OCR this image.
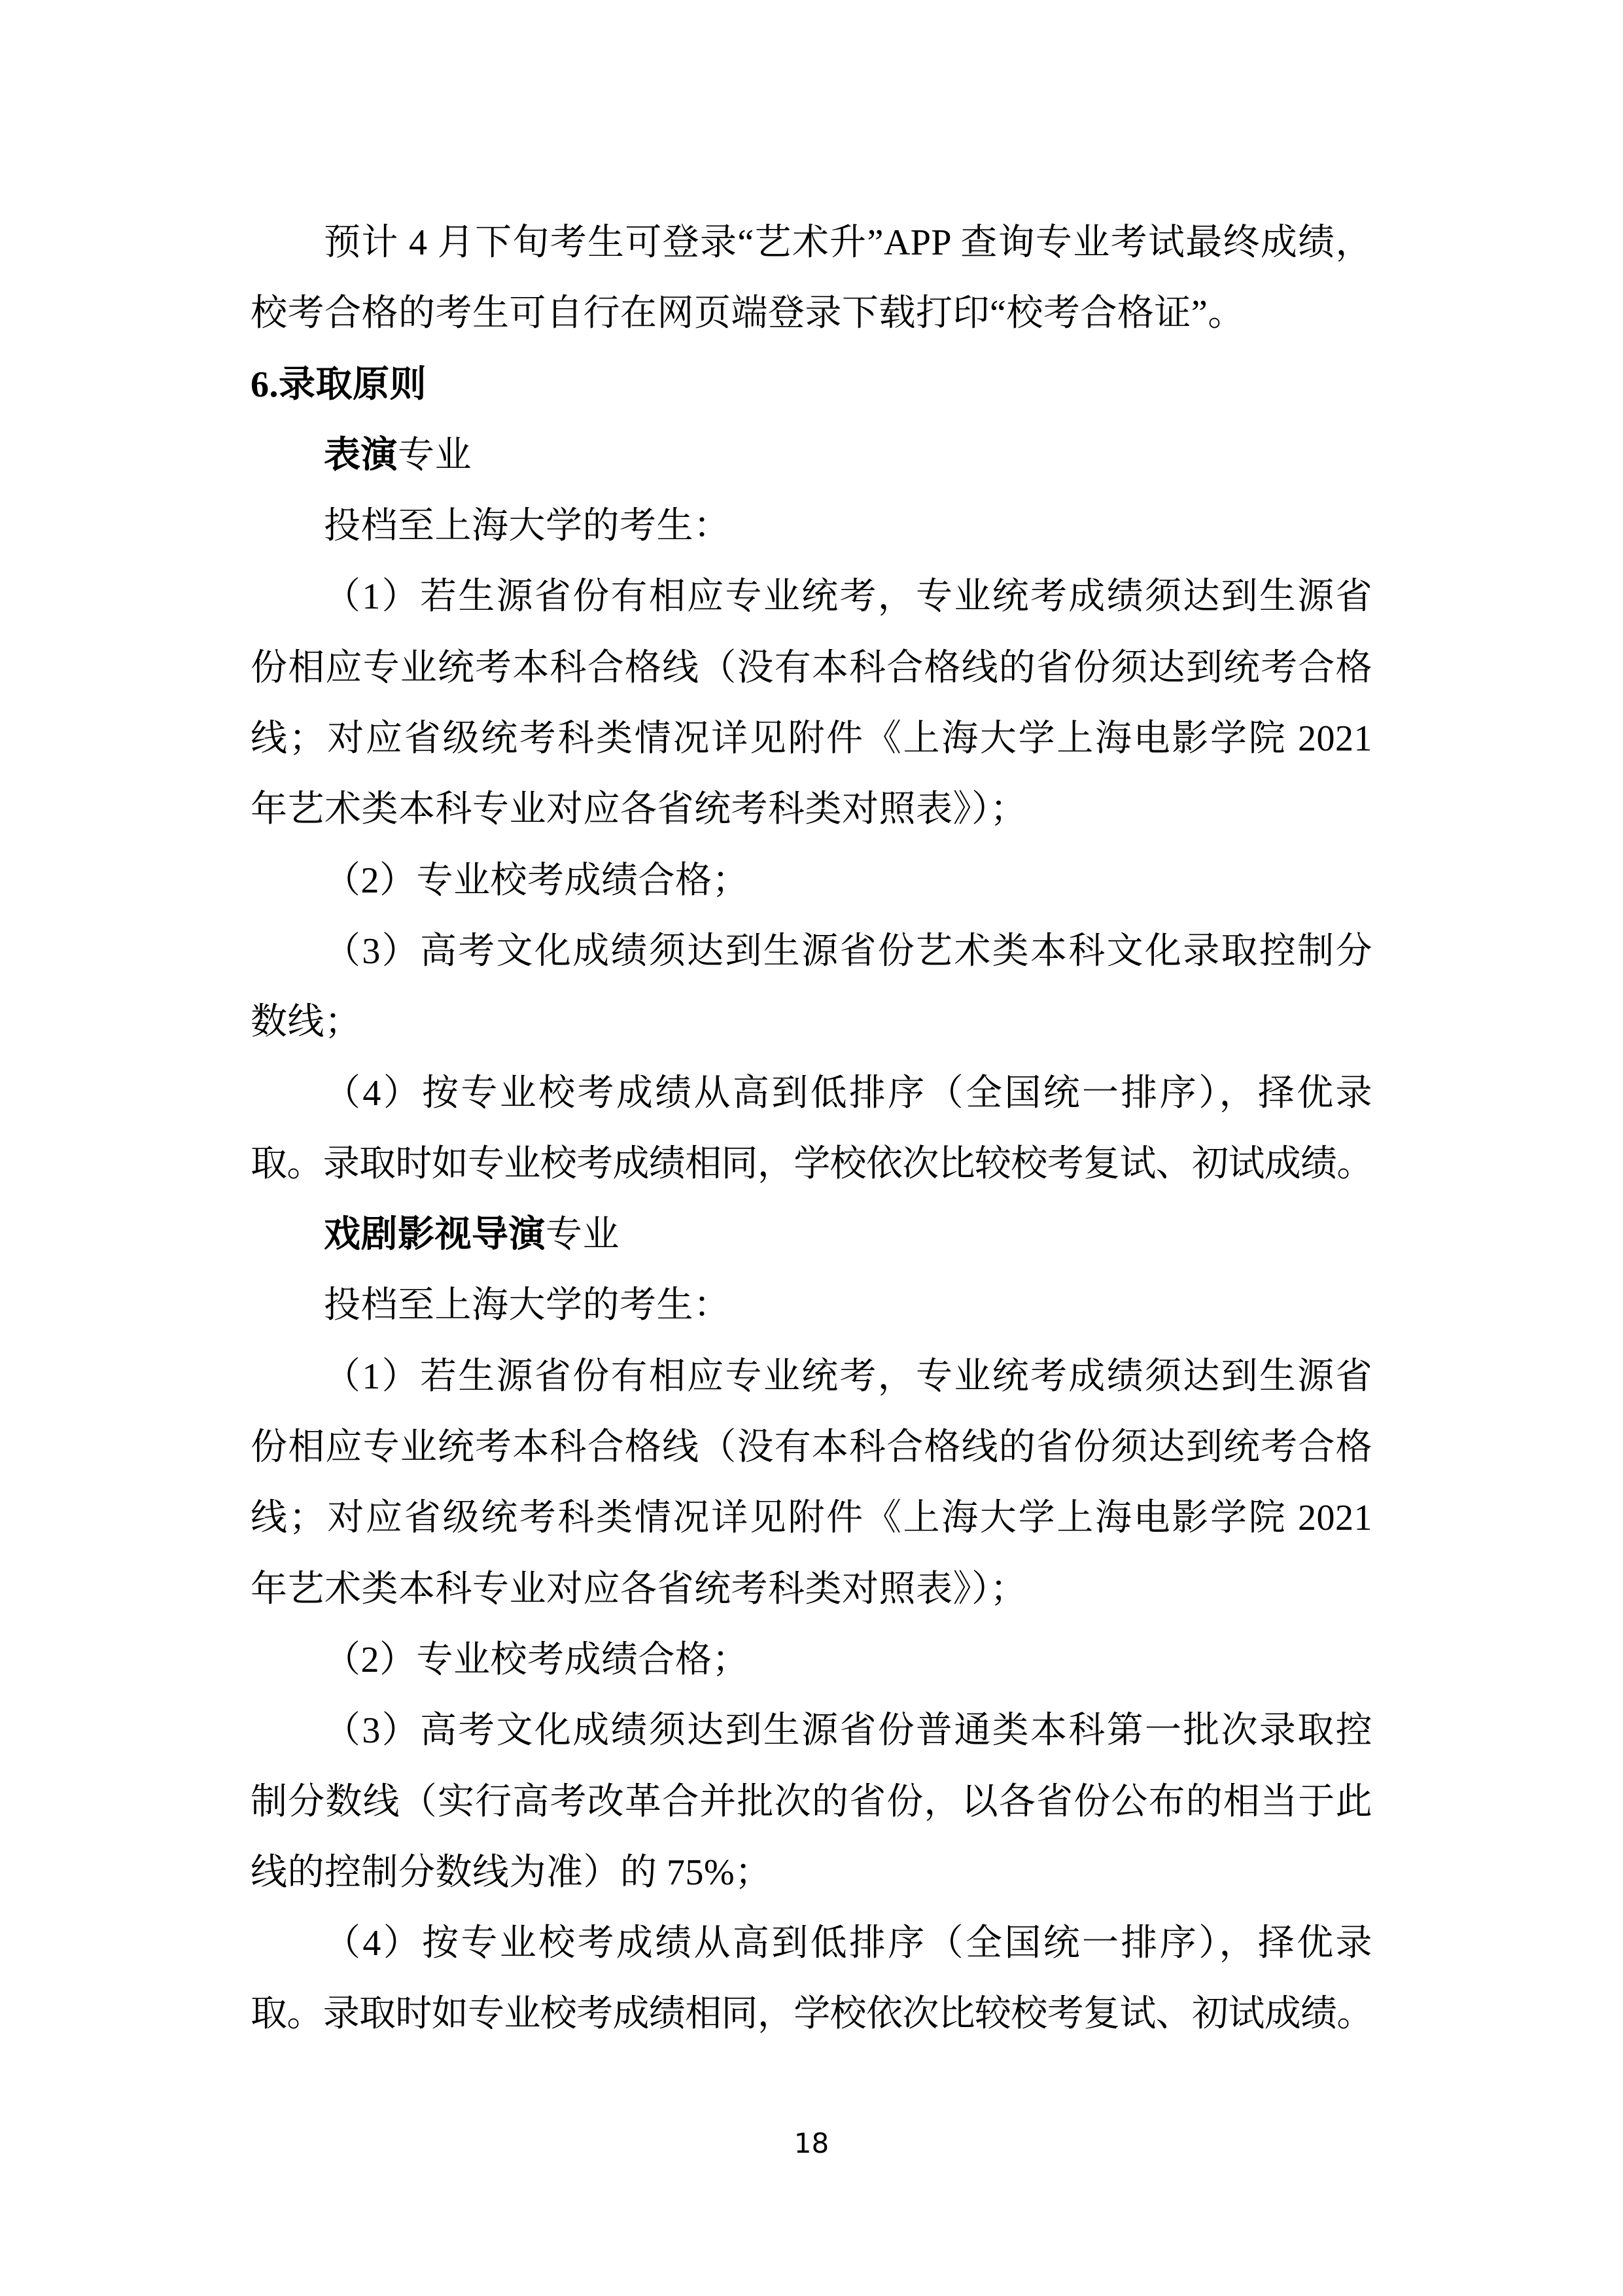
预计 4 月下旬考生可登录“艺术升”APP 查询专业考试最终成绩，
校考合格的考生可自行在网页端登录下载打印“校考合格证”。
6.录取原则
表演专业
投档至上海大学的考生：
（1）若生源省份有相应专业统考，专业统考成绩须达到生源省
份相应专业统考本科合格线（没有本科合格线的省份须达到统考合格
线；对应省级统考科类情况详见附件《上海大学上海电影学院 2021
年艺术类本科专业对应各省统考科类对照表》）；
（2）专业校考成绩合格；
（3）高考文化成绩须达到生源省份艺术类本科文化录取控制分
数线；
（4）按专业校考成绩从高到低排序（全国统一排序），择优录
取。录取时如专业校考成绩相同，学校依次比较校考复试、初试成绩。
戏剧影视导演专业
投档至上海大学的考生：
（1）若生源省份有相应专业统考，专业统考成绩须达到生源省
份相应专业统考本科合格线（没有本科合格线的省份须达到统考合格
线；对应省级统考科类情况详见附件《上海大学上海电影学院 2021
年艺术类本科专业对应各省统考科类对照表》）；
（2）专业校考成绩合格；
（3）高考文化成绩须达到生源省份普通类本科第一批次录取控
制分数线（实行高考改革合并批次的省份，以各省份公布的相当于此
线的控制分数线为准）的 75%；
（4）按专业校考成绩从高到低排序（全国统一排序），择优录
取。录取时如专业校考成绩相同，学校依次比较校考复试、初试成绩。
18
